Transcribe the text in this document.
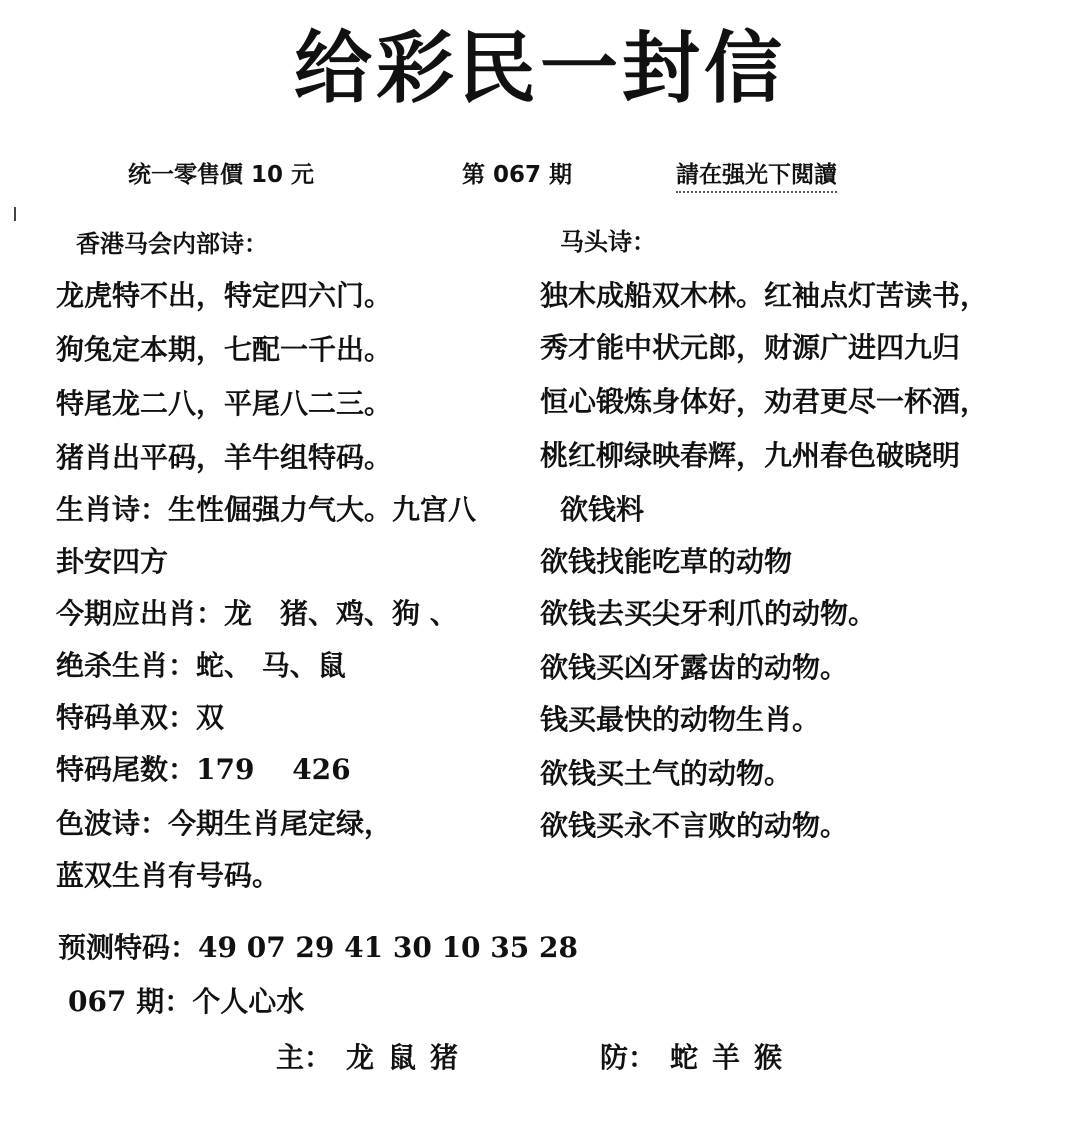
给彩民一封信
统一零售價 10 元	第 067 期	請在强光下閲讀
香港马会内部诗：
龙虎特不出，特定四六门。
狗兔定本期，七配一千出。
特尾龙二八，平尾八二三。
猪肖出平码，羊牛组特码。
生肖诗：生性倔强力气大。九宫八
卦安四方
今期应出肖：龙　猪、鸡、狗 、
绝杀生肖：蛇、 马、鼠
特码单双：双
特码尾数：179　 426
色波诗：今期生肖尾定绿，
蓝双生肖有号码。
马头诗：
独木成船双木林。红袖点灯苦读书，
秀才能中状元郎，财源广进四九归
恒心锻炼身体好，劝君更尽一杯酒，
桃红柳绿映春辉，九州春色破晓明
欲钱料
欲钱找能吃草的动物
欲钱去买尖牙利爪的动物。
欲钱买凶牙露齿的动物。
钱买最快的动物生肖。
欲钱买土气的动物。
欲钱买永不言败的动物。
预测特码：49 07 29 41 30 10 35 28
067 期：个人心水
主： 龙 鼠 猪	防： 蛇 羊 猴
